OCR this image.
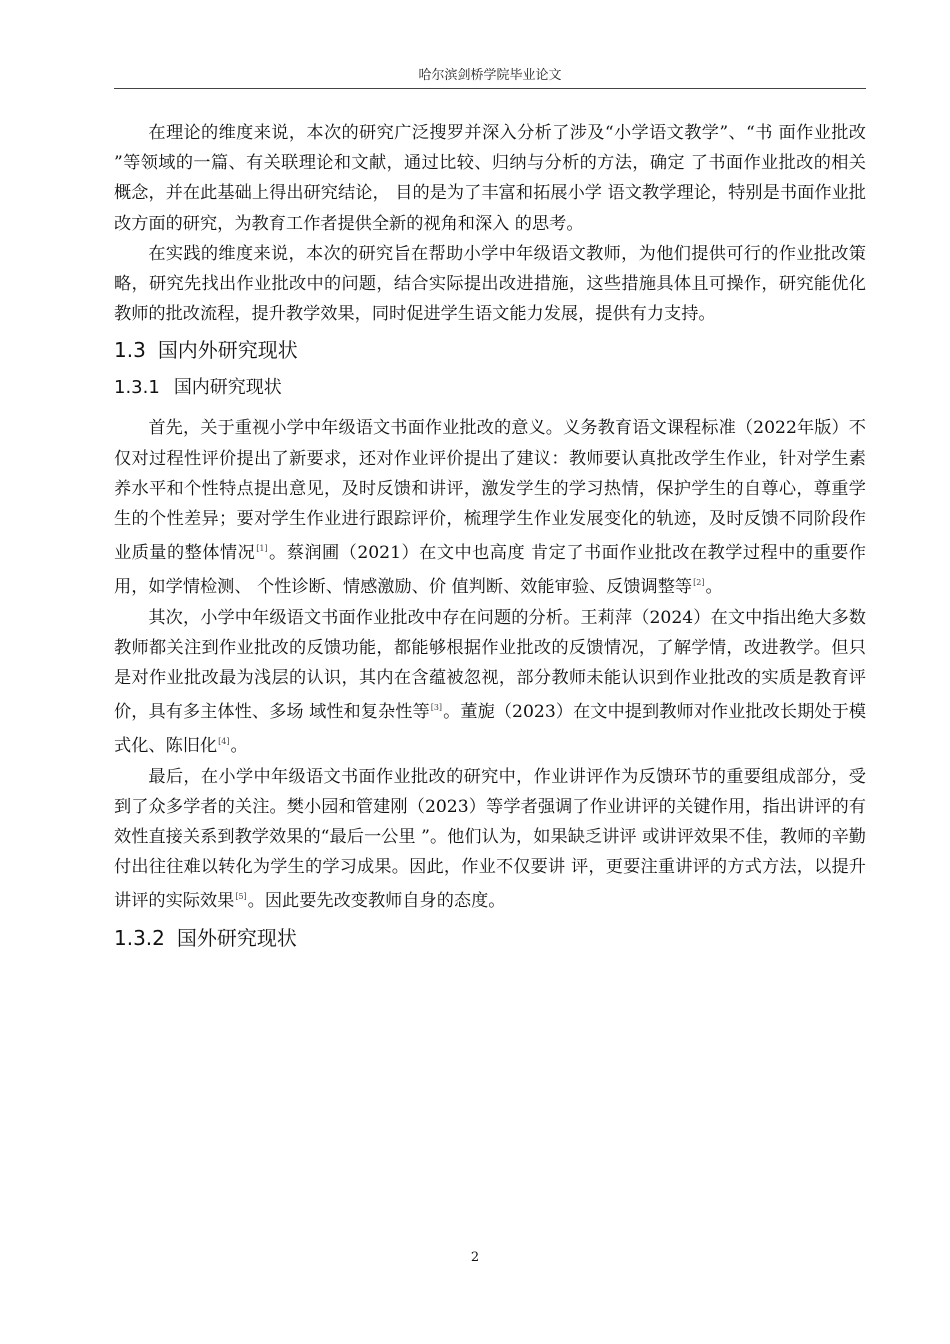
哈尔滨剑桥学院毕业论文

在理论的维度来说，本次的研究广泛搜罗并深入分析了涉及“小学语文教学”、“书 面作业批改 ”等领域的一篇、有关联理论和文献，通过比较、归纳与分析的方法，确定 了书面作业批改的相关概念，并在此基础上得出研究结论， 目的是为了丰富和拓展小学 语文教学理论，特别是书面作业批改方面的研究，为教育工作者提供全新的视角和深入 的思考。

在实践的维度来说，本次的研究旨在帮助小学中年级语文教师，为他们提供可行的作业批改策略，研究先找出作业批改中的问题，结合实际提出改进措施，这些措施具体且可操作，研究能优化教师的批改流程，提升教学效果，同时促进学生语文能力发展，提供有力支持。

1.3 国内外研究现状
1.3.1 国内研究现状

首先，关于重视小学中年级语文书面作业批改的意义。义务教育语文课程标准（2022年版）不仅对过程性评价提出了新要求，还对作业评价提出了建议：教师要认真批改学生作业，针对学生素养水平和个性特点提出意见，及时反馈和讲评，激发学生的学习热情，保护学生的自尊心，尊重学生的个性差异；要对学生作业进行跟踪评价，梳理学生作业发展变化的轨迹，及时反馈不同阶段作业质量的整体情况[1]。蔡润圃（2021）在文中也高度 肯定了书面作业批改在教学过程中的重要作用，如学情检测、 个性诊断、情感激励、价 值判断、效能审验、反馈调整等[2]。

其次，小学中年级语文书面作业批改中存在问题的分析。王莉萍（2024）在文中指出绝大多数教师都关注到作业批改的反馈功能，都能够根据作业批改的反馈情况，了解学情，改进教学。但只是对作业批改最为浅层的认识，其内在含蕴被忽视，部分教师未能认识到作业批改的实质是教育评价，具有多主体性、多场 域性和复杂性等[3]。董旎（2023）在文中提到教师对作业批改长期处于模式化、陈旧化[4]。

最后，在小学中年级语文书面作业批改的研究中，作业讲评作为反馈环节的重要组成部分，受到了众多学者的关注。樊小园和管建刚（2023）等学者强调了作业讲评的关键作用，指出讲评的有效性直接关系到教学效果的“最后一公里 ”。他们认为，如果缺乏讲评 或讲评效果不佳，教师的辛勤付出往往难以转化为学生的学习成果。因此，作业不仅要讲 评，更要注重讲评的方式方法，以提升讲评的实际效果[5]。因此要先改变教师自身的态度。

1.3.2 国外研究现状
2
